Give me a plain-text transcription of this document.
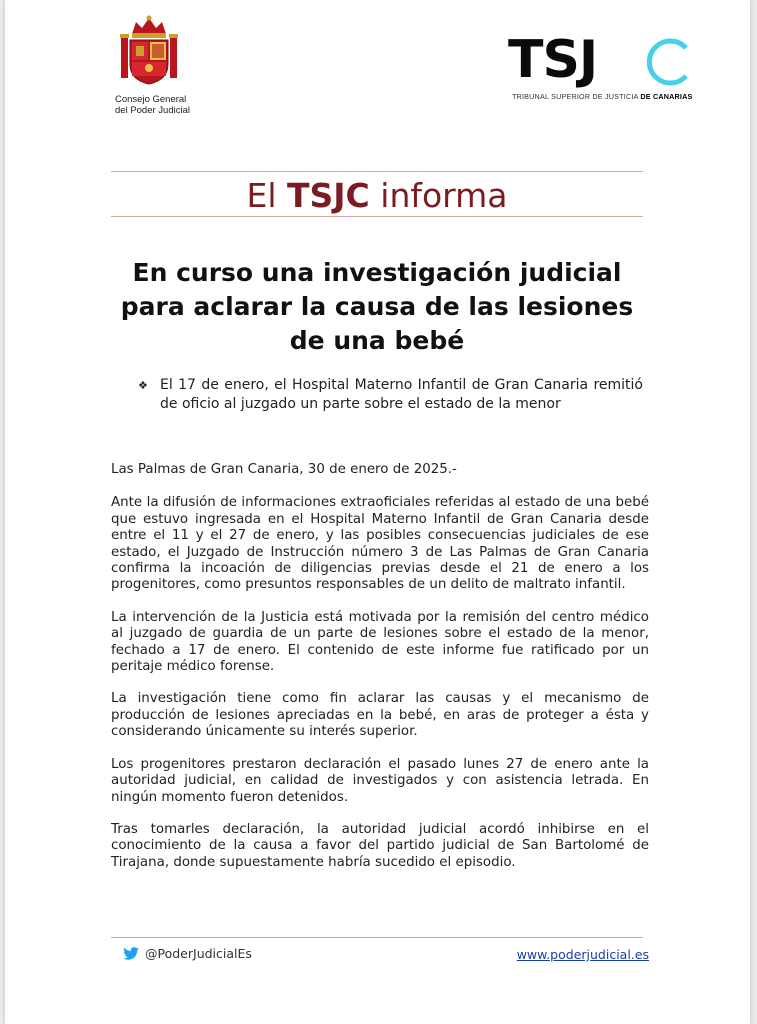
Consejo General
del Poder Judicial
TSJ
TRIBUNAL SUPERIOR DE JUSTICIA DE CANARIAS
El TSJC informa
En curso una investigación judicial para aclarar la causa de las lesiones de una bebé
❖ El 17 de enero, el Hospital Materno Infantil de Gran Canaria remitió de oficio al juzgado un parte sobre el estado de la menor

Las Palmas de Gran Canaria, 30 de enero de 2025.-

Ante la difusión de informaciones extraoficiales referidas al estado de una bebé que estuvo ingresada en el Hospital Materno Infantil de Gran Canaria desde entre el 11 y el 27 de enero, y las posibles consecuencias judiciales de ese estado, el Juzgado de Instrucción número 3 de Las Palmas de Gran Canaria confirma la incoación de diligencias previas desde el 21 de enero a los progenitores, como presuntos responsables de un delito de maltrato infantil.

La intervención de la Justicia está motivada por la remisión del centro médico al juzgado de guardia de un parte de lesiones sobre el estado de la menor, fechado a 17 de enero. El contenido de este informe fue ratificado por un peritaje médico forense.

La investigación tiene como fin aclarar las causas y el mecanismo de producción de lesiones apreciadas en la bebé, en aras de proteger a ésta y considerando únicamente su interés superior.

Los progenitores prestaron declaración el pasado lunes 27 de enero ante la autoridad judicial, en calidad de investigados y con asistencia letrada. En ningún momento fueron detenidos.

Tras tomarles declaración, la autoridad judicial acordó inhibirse en el conocimiento de la causa a favor del partido judicial de San Bartolomé de Tirajana, donde supuestamente habría sucedido el episodio.

@PoderJudicialEs	www.poderjudicial.es
